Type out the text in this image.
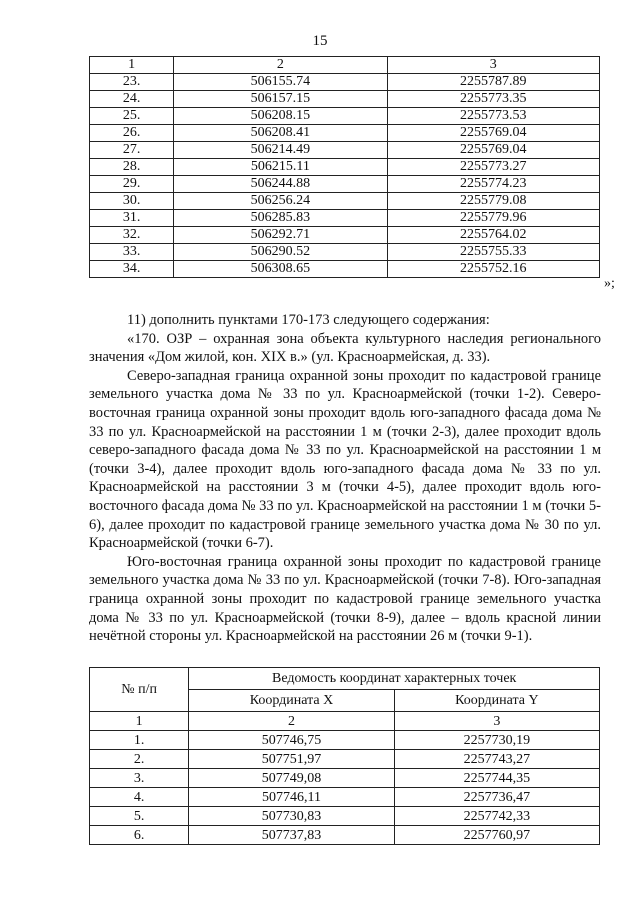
15
1	2	3
23.	506155.74	2255787.89
24.	506157.15	2255773.35
25.	506208.15	2255773.53
26.	506208.41	2255769.04
27.	506214.49	2255769.04
28.	506215.11	2255773.27
29.	506244.88	2255774.23
30.	506256.24	2255779.08
31.	506285.83	2255779.96
32.	506292.71	2255764.02
33.	506290.52	2255755.33
34.	506308.65	2255752.16
»;

11) дополнить пунктами 170-173 следующего содержания:

«170. ОЗР – охранная зона объекта культурного наследия регионального значения «Дом жилой, кон. XIX в.» (ул. Красноармейская, д. 33).

Северо-западная граница охранной зоны проходит по кадастровой границе земельного участка дома № 33 по ул. Красноармейской (точки 1-2). Северо-восточная граница охранной зоны проходит вдоль юго-западного фасада дома № 33 по ул. Красноармейской на расстоянии 1 м (точки 2-3), далее проходит вдоль северо-западного фасада дома № 33 по ул. Красноармейской на расстоянии 1 м (точки 3-4), далее проходит вдоль юго-западного фасада дома № 33 по ул. Красноармейской на расстоянии 3 м (точки 4-5), далее проходит вдоль юго-восточного фасада дома № 33 по ул. Красноармейской на расстоянии 1 м (точки 5-6), далее проходит по кадастровой границе земельного участка дома № 30 по ул. Красноармейской (точки 6-7).

Юго-восточная граница охранной зоны проходит по кадастровой границе земельного участка дома № 33 по ул. Красноармейской (точки 7-8). Юго-западная граница охранной зоны проходит по кадастровой границе земельного участка дома № 33 по ул. Красноармейской (точки 8-9), далее – вдоль красной линии нечётной стороны ул. Красноармейской на расстоянии 26 м (точки 9-1).

№ п/п	Ведомость координат характерных точек	
	Координата X	Координата Y
1	2	3
1.	507746,75	2257730,19
2.	507751,97	2257743,27
3.	507749,08	2257744,35
4.	507746,11	2257736,47
5.	507730,83	2257742,33
6.	507737,83	2257760,97
